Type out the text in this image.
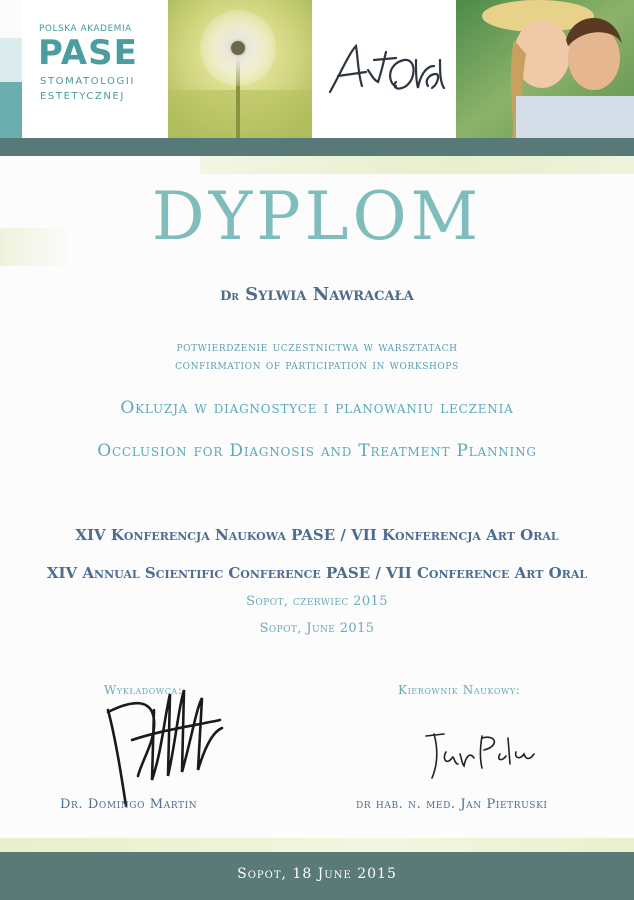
POLSKA AKADEMIA
PASE
STOMATOLOGII
ESTETYCZNEJ
DYPLOM
Dr Sylwia Nawracała
potwierdzenie uczestnictwa w warsztatach
confirmation of participation in workshops
Okluzja w diagnostyce i planowaniu leczenia
Occlusion for Diagnosis and Treatment Planning
XIV Konferencja Naukowa PASE / VII Konferencja Art Oral
XIV Annual Scientific Conference PASE / VII Conference Art Oral
Sopot, czerwiec 2015
Sopot, June 2015
Wykładowca:	Kierownik Naukowy:
Dr. Domingo Martin	dr hab. n. med. Jan Pietruski
Sopot, 18 June 2015
